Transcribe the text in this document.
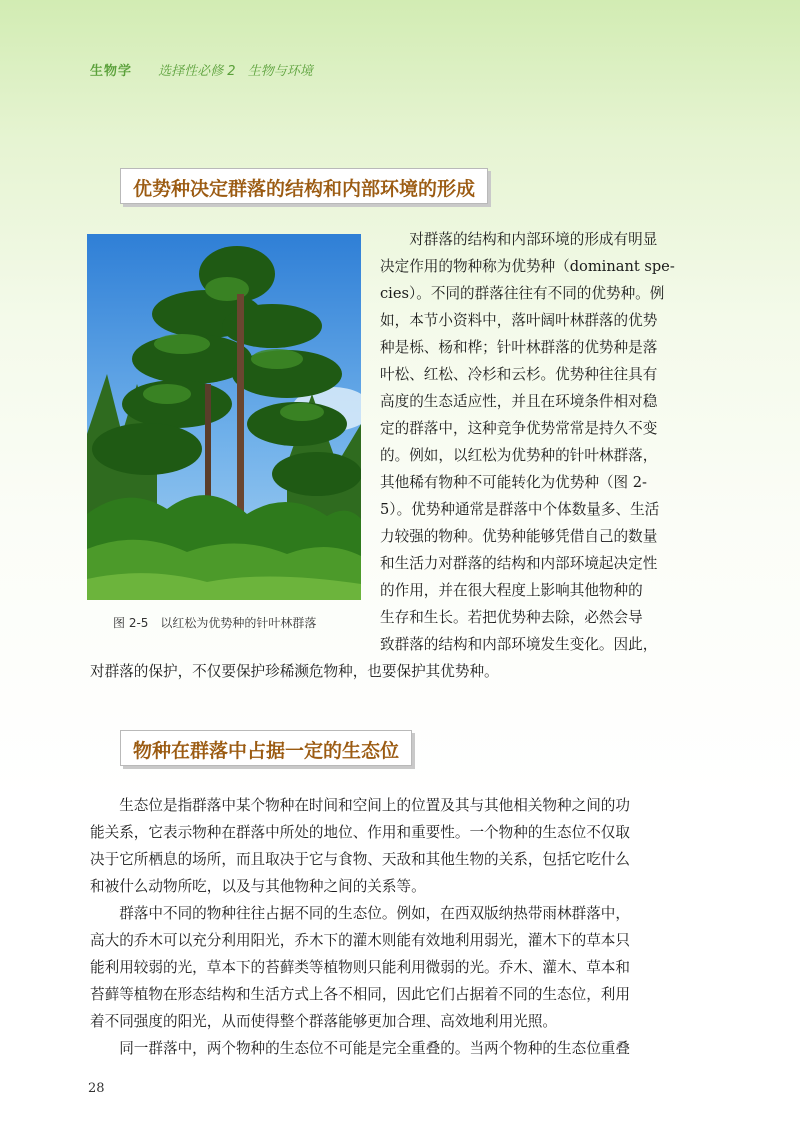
生物学 选择性必修 2 生物与环境
优势种决定群落的结构和内部环境的形成
图 2-5 以红松为优势种的针叶林群落
　　对群落的结构和内部环境的形成有明显
决定作用的物种称为优势种（dominant spe-
cies）。不同的群落往往有不同的优势种。例
如，本节小资料中，落叶阔叶林群落的优势
种是栎、杨和桦；针叶林群落的优势种是落
叶松、红松、冷杉和云杉。优势种往往具有
高度的生态适应性，并且在环境条件相对稳
定的群落中，这种竞争优势常常是持久不变
的。例如，以红松为优势种的针叶林群落，
其他稀有物种不可能转化为优势种（图 2-
5）。优势种通常是群落中个体数量多、生活
力较强的物种。优势种能够凭借自己的数量
和生活力对群落的结构和内部环境起决定性
的作用，并在很大程度上影响其他物种的
生存和生长。若把优势种去除，必然会导
致群落的结构和内部环境发生变化。因此，
对群落的保护，不仅要保护珍稀濒危物种，也要保护其优势种。
物种在群落中占据一定的生态位
　　生态位是指群落中某个物种在时间和空间上的位置及其与其他相关物种之间的功
能关系，它表示物种在群落中所处的地位、作用和重要性。一个物种的生态位不仅取
决于它所栖息的场所，而且取决于它与食物、天敌和其他生物的关系，包括它吃什么
和被什么动物所吃，以及与其他物种之间的关系等。
　　群落中不同的物种往往占据不同的生态位。例如，在西双版纳热带雨林群落中，
高大的乔木可以充分利用阳光，乔木下的灌木则能有效地利用弱光，灌木下的草本只
能利用较弱的光，草本下的苔藓类等植物则只能利用微弱的光。乔木、灌木、草本和
苔藓等植物在形态结构和生活方式上各不相同，因此它们占据着不同的生态位，利用
着不同强度的阳光，从而使得整个群落能够更加合理、高效地利用光照。
　　同一群落中，两个物种的生态位不可能是完全重叠的。当两个物种的生态位重叠
28
